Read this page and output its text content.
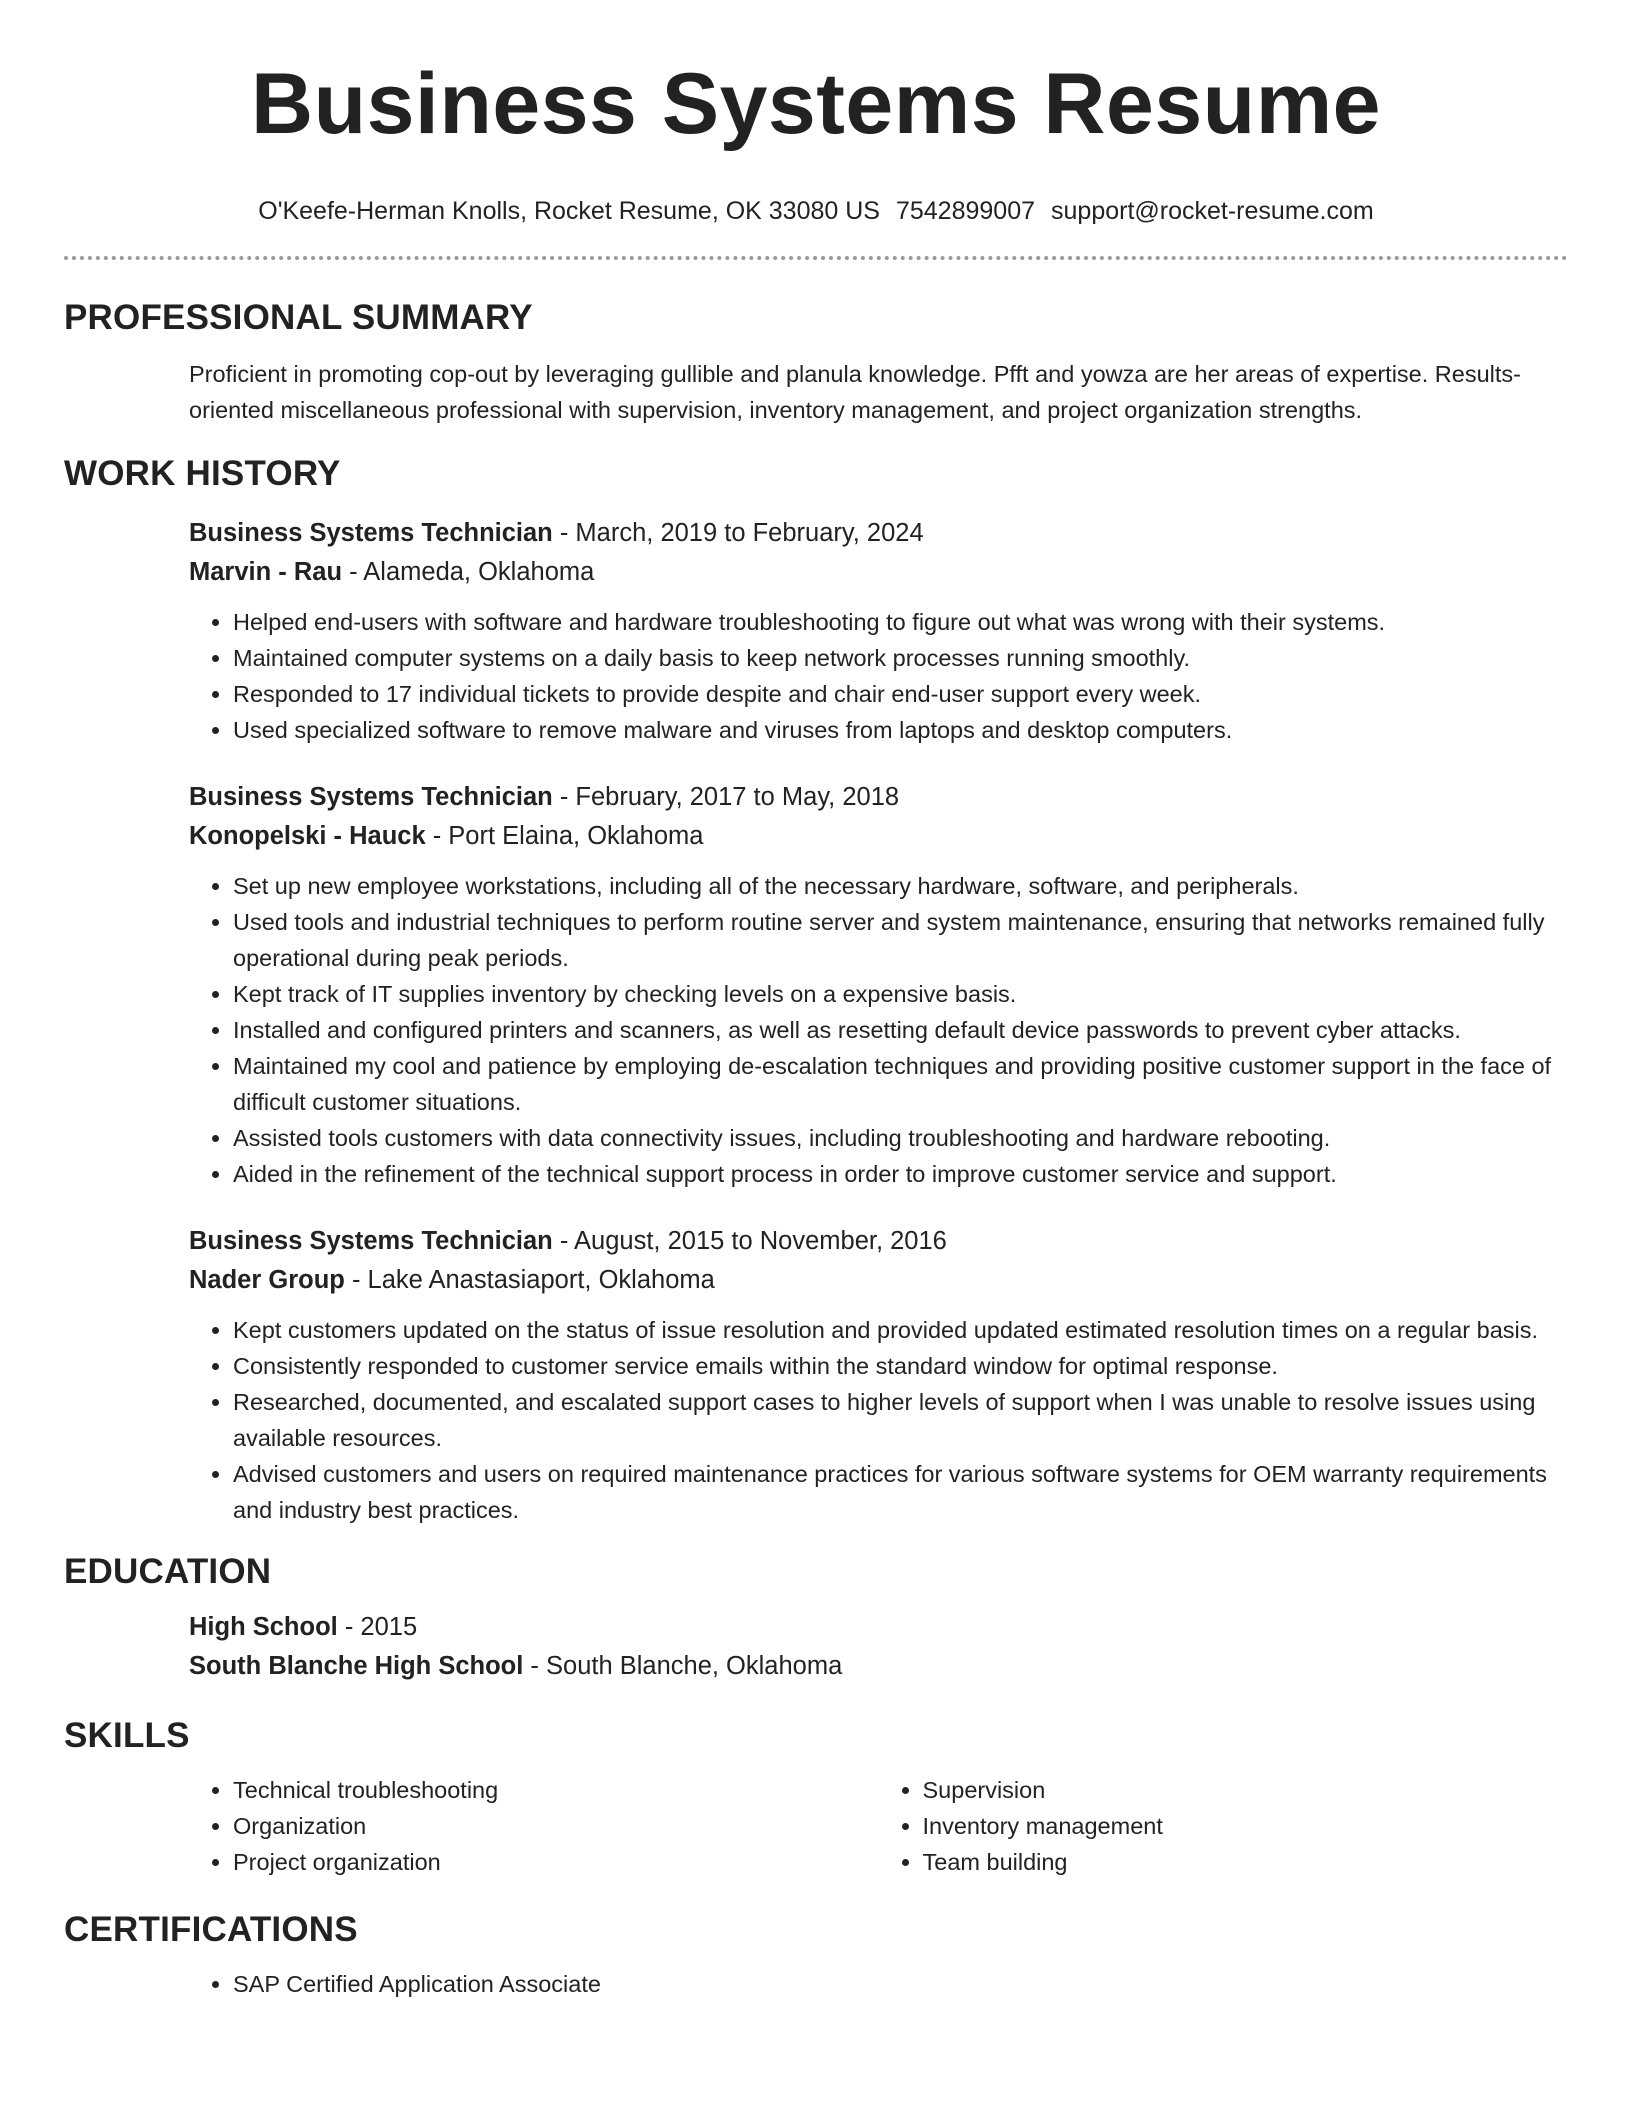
Business Systems Resume
O'Keefe-Herman Knolls, Rocket Resume, OK 33080 US 7542899007 support@rocket-resume.com
PROFESSIONAL SUMMARY

Proficient in promoting cop-out by leveraging gullible and planula knowledge. Pfft and yowza are her areas of expertise. Results-oriented miscellaneous professional with supervision, inventory management, and project organization strengths.

WORK HISTORY
Business Systems Technician - March, 2019 to February, 2024
Marvin - Rau - Alameda, Oklahoma
• Helped end-users with software and hardware troubleshooting to figure out what was wrong with their systems.
• Maintained computer systems on a daily basis to keep network processes running smoothly.
• Responded to 17 individual tickets to provide despite and chair end-user support every week.
• Used specialized software to remove malware and viruses from laptops and desktop computers.
Business Systems Technician - February, 2017 to May, 2018
Konopelski - Hauck - Port Elaina, Oklahoma
• Set up new employee workstations, including all of the necessary hardware, software, and peripherals.
• Used tools and industrial techniques to perform routine server and system maintenance, ensuring that networks remained fully operational during peak periods.
• Kept track of IT supplies inventory by checking levels on a expensive basis.
• Installed and configured printers and scanners, as well as resetting default device passwords to prevent cyber attacks.
• Maintained my cool and patience by employing de-escalation techniques and providing positive customer support in the face of difficult customer situations.
• Assisted tools customers with data connectivity issues, including troubleshooting and hardware rebooting.
• Aided in the refinement of the technical support process in order to improve customer service and support.
Business Systems Technician - August, 2015 to November, 2016
Nader Group - Lake Anastasiaport, Oklahoma
• Kept customers updated on the status of issue resolution and provided updated estimated resolution times on a regular basis.
• Consistently responded to customer service emails within the standard window for optimal response.
• Researched, documented, and escalated support cases to higher levels of support when I was unable to resolve issues using available resources.
• Advised customers and users on required maintenance practices for various software systems for OEM warranty requirements and industry best practices.
EDUCATION
High School - 2015
South Blanche High School - South Blanche, Oklahoma
SKILLS
• Technical troubleshooting
• Organization
• Project organization
• Supervision
• Inventory management
• Team building
CERTIFICATIONS
• SAP Certified Application Associate
